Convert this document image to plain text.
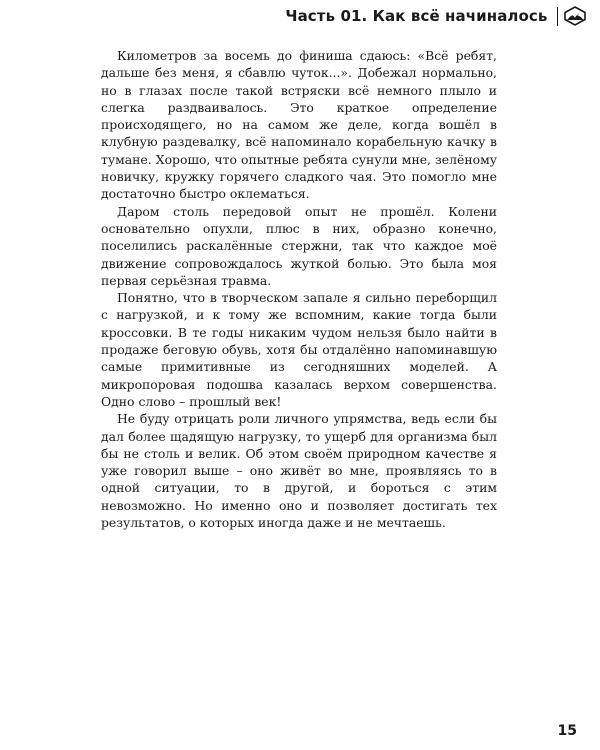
Часть 01. Как всё начиналось

Километров за восемь до финиша сдаюсь: «Всё ребят, дальше без меня, я сбавлю чуток...». Добежал нормально, но в глазах после такой встряски всё немного плыло и слегка раздваивалось. Это краткое определение происходящего, но на самом же деле, когда вошёл в клубную раздевалку, всё напоминало корабельную качку в тумане. Хорошо, что опытные ребята сунули мне, зелёному новичку, кружку горячего сладкого чая. Это помогло мне достаточно быстро оклематься.

Даром столь передовой опыт не прошёл. Колени основательно опухли, плюс в них, образно конечно, поселились раскалённые стержни, так что каждое моё движение сопровождалось жуткой болью. Это была моя первая серьёзная травма.

Понятно, что в творческом запале я сильно переборщил с нагрузкой, и к тому же вспомним, какие тогда были кроссовки. В те годы никаким чудом нельзя было найти в продаже беговую обувь, хотя бы отдалённо напоминавшую самые примитивные из сегодняшних моделей. А микропоровая подошва казалась верхом совершенства. Одно слово – прошлый век!

Не буду отрицать роли личного упрямства, ведь если бы дал более щадящую нагрузку, то ущерб для организма был бы не столь и велик. Об этом своём природном качестве я уже говорил выше – оно живёт во мне, проявляясь то в одной ситуации, то в другой, и бороться с этим невозможно. Но именно оно и позволяет достигать тех результатов, о которых иногда даже и не мечтаешь.

15
